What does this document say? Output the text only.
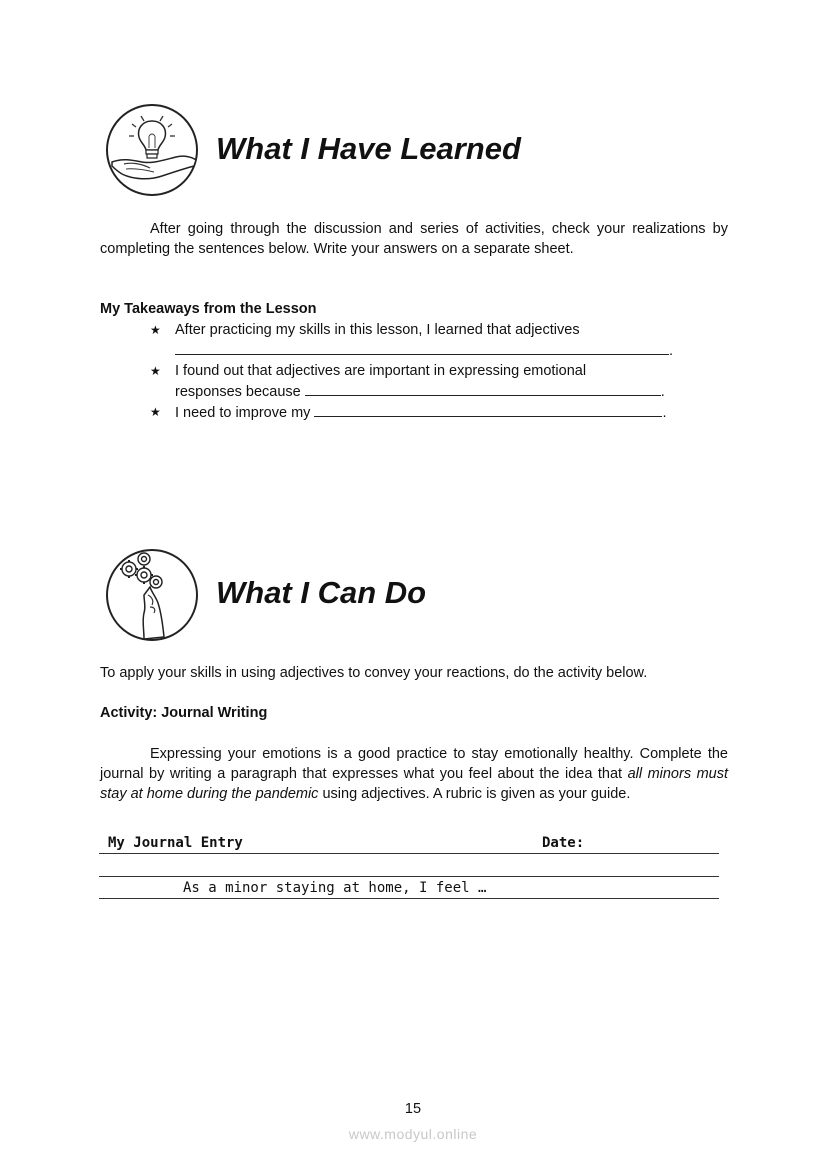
What I Have Learned
After going through the discussion and series of activities, check your realizations by completing the sentences below. Write your answers on a separate sheet.
My Takeaways from the Lesson
★ After practicing my skills in this lesson, I learned that adjectives
.
★ I found out that adjectives are important in expressing emotional
responses because	.
★ I need to improve my	.
What I Can Do
To apply your skills in using adjectives to convey your reactions, do the activity below.
Activity: Journal Writing
Expressing your emotions is a good practice to stay emotionally healthy. Complete the journal by writing a paragraph that expresses what you feel about the idea that all minors must stay at home during the pandemic using adjectives. A rubric is given as your guide.
My Journal Entry	Date:
As a minor staying at home, I feel …
15
www.modyul.online
